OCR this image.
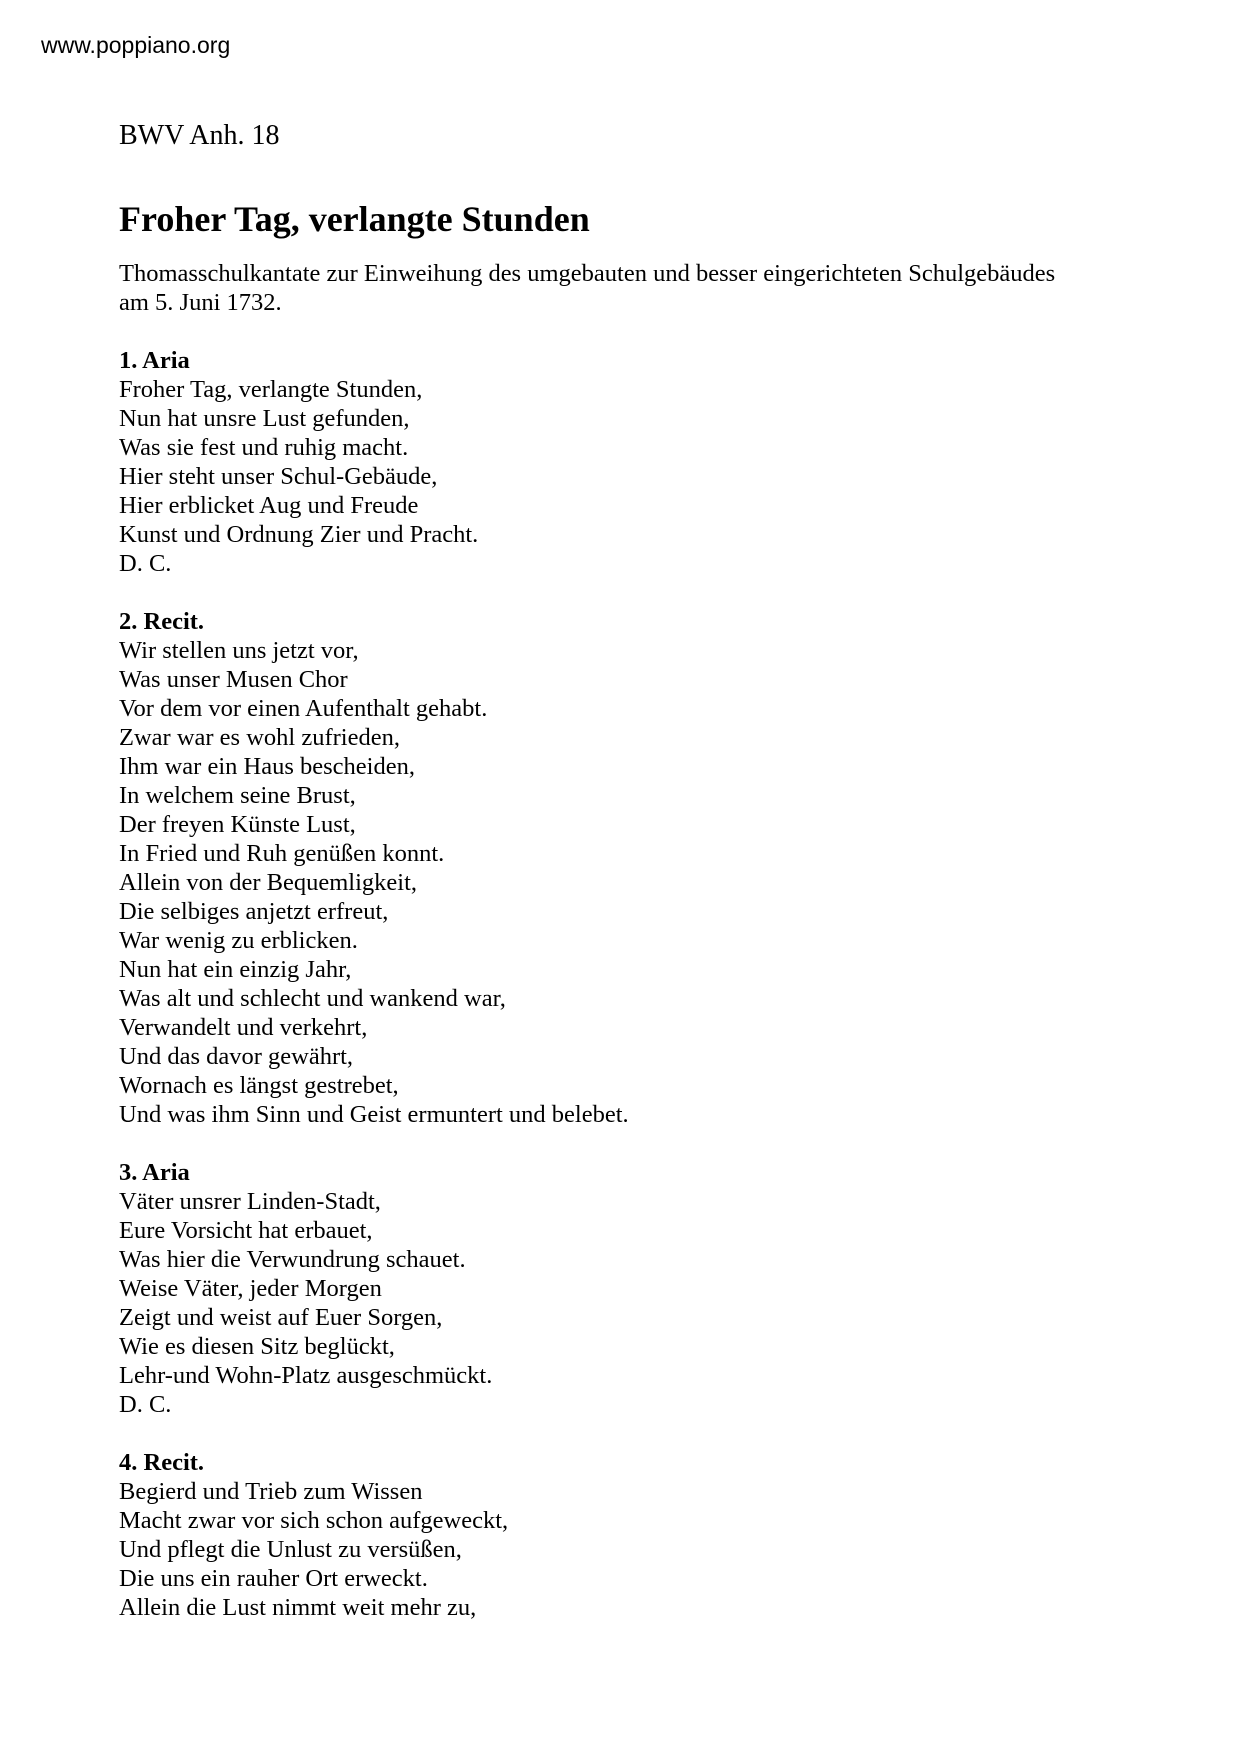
www.poppiano.org
BWV Anh. 18
Froher Tag, verlangte Stunden
Thomasschulkantate zur Einweihung des umgebauten und besser eingerichteten Schulgebäudes
am 5. Juni 1732.
1. Aria
Froher Tag, verlangte Stunden,
Nun hat unsre Lust gefunden,
Was sie fest und ruhig macht.
Hier steht unser Schul-Gebäude,
Hier erblicket Aug und Freude
Kunst und Ordnung Zier und Pracht.
D. C.
2. Recit.
Wir stellen uns jetzt vor,
Was unser Musen Chor
Vor dem vor einen Aufenthalt gehabt.
Zwar war es wohl zufrieden,
Ihm war ein Haus bescheiden,
In welchem seine Brust,
Der freyen Künste Lust,
In Fried und Ruh genüßen konnt.
Allein von der Bequemligkeit,
Die selbiges anjetzt erfreut,
War wenig zu erblicken.
Nun hat ein einzig Jahr,
Was alt und schlecht und wankend war,
Verwandelt und verkehrt,
Und das davor gewährt,
Wornach es längst gestrebet,
Und was ihm Sinn und Geist ermuntert und belebet.
3. Aria
Väter unsrer Linden-Stadt,
Eure Vorsicht hat erbauet,
Was hier die Verwundrung schauet.
Weise Väter, jeder Morgen
Zeigt und weist auf Euer Sorgen,
Wie es diesen Sitz beglückt,
Lehr-und Wohn-Platz ausgeschmückt.
D. C.
4. Recit.
Begierd und Trieb zum Wissen
Macht zwar vor sich schon aufgeweckt,
Und pflegt die Unlust zu versüßen,
Die uns ein rauher Ort erweckt.
Allein die Lust nimmt weit mehr zu,
